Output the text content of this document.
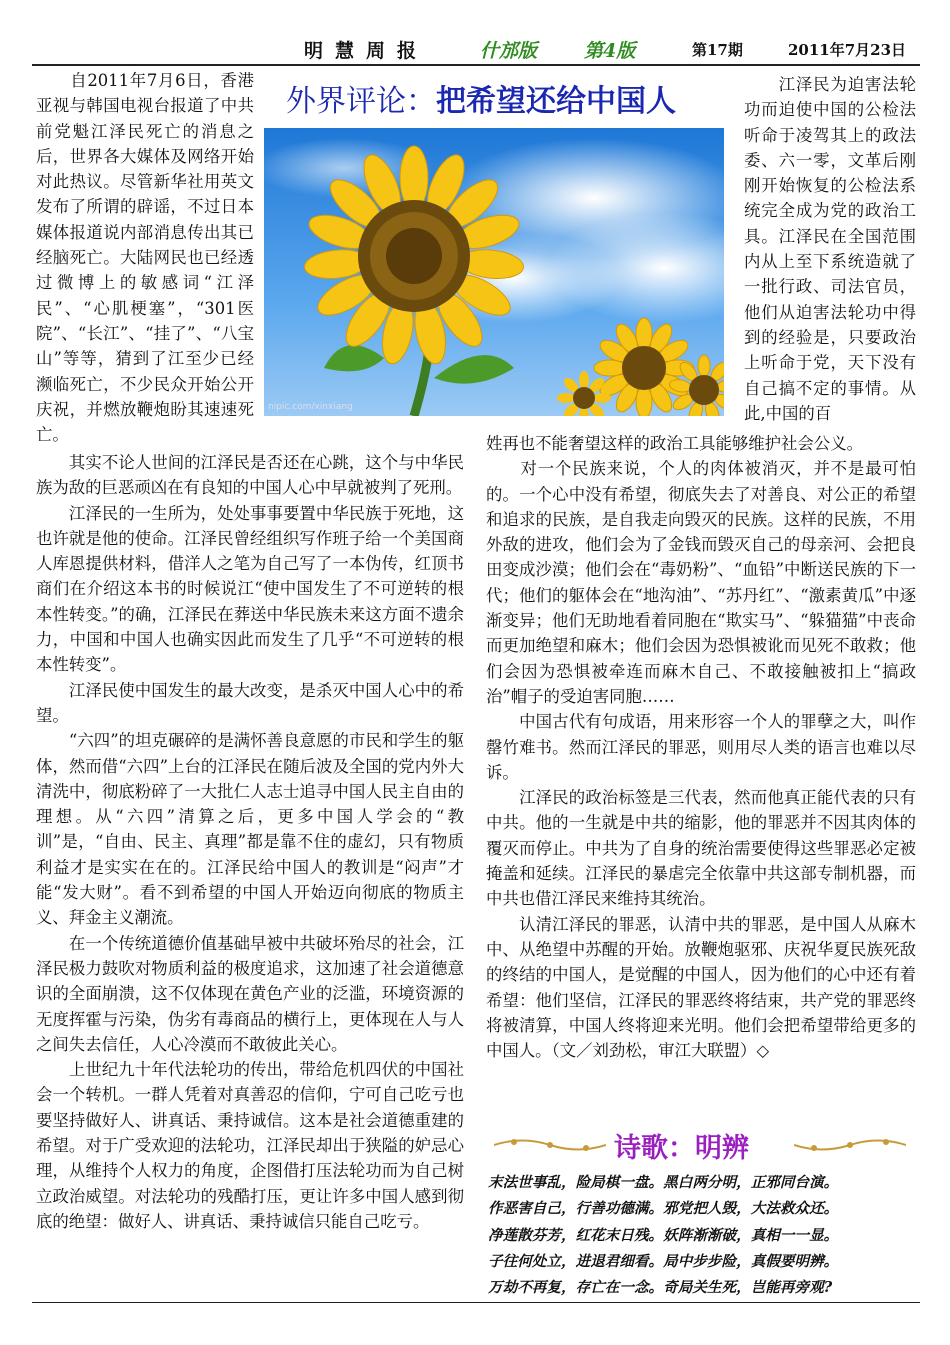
明慧周报	什邡版 第4版	第17期	2011年7月23日
外界评论：把希望还给中国人

　　自2011年7月6日，香港亚视与韩国电视台报道了中共前党魁江泽民死亡的消息之后，世界各大媒体及网络开始对此热议。尽管新华社用英文发布了所谓的辟谣，不过日本媒体报道说内部消息传出其已经脑死亡。大陆网民也已经透过微博上的敏感词“江泽民”、“心肌梗塞”，“301医院”、“长江”、“挂了”、“八宝山”等等，猜到了江至少已经濒临死亡，不少民众开始公开庆祝，并燃放鞭炮盼其速速死亡。

nipic.com/xinxiang

　　江泽民为迫害法轮功而迫使中国的公检法听命于凌驾其上的政法委、六一零，文革后刚刚开始恢复的公检法系统完全成为党的政治工具。江泽民在全国范围内从上至下系统造就了一批行政、司法官员，他们从迫害法轮功中得到的经验是，只要政治上听命于党，天下没有自己搞不定的事情。从此,中国的百

　　其实不论人世间的江泽民是否还在心跳，这个与中华民族为敌的巨恶顽凶在有良知的中国人心中早就被判了死刑。
　　江泽民的一生所为，处处事事要置中华民族于死地，这也许就是他的使命。江泽民曾经组织写作班子给一个美国商人库恩提供材料，借洋人之笔为自己写了一本伪传，红顶书商们在介绍这本书的时候说江“使中国发生了不可逆转的根本性转变。”的确，江泽民在葬送中华民族未来这方面不遗余力，中国和中国人也确实因此而发生了几乎“不可逆转的根本性转变”。
　　江泽民使中国发生的最大改变，是杀灭中国人心中的希望。
　　“六四”的坦克碾碎的是满怀善良意愿的市民和学生的躯体，然而借“六四”上台的江泽民在随后波及全国的党内外大清洗中，彻底粉碎了一大批仁人志士追寻中国人民主自由的理想。从“六四”清算之后，更多中国人学会的“教训”是，“自由、民主、真理”都是靠不住的虚幻，只有物质利益才是实实在在的。江泽民给中国人的教训是“闷声”才能“发大财”。看不到希望的中国人开始迈向彻底的物质主义、拜金主义潮流。
　　在一个传统道德价值基础早被中共破坏殆尽的社会，江泽民极力鼓吹对物质利益的极度追求，这加速了社会道德意识的全面崩溃，这不仅体现在黄色产业的泛滥，环境资源的无度挥霍与污染，伪劣有毒商品的横行上，更体现在人与人之间失去信任，人心冷漠而不敢彼此关心。
　　上世纪九十年代法轮功的传出，带给危机四伏的中国社会一个转机。一群人凭着对真善忍的信仰，宁可自己吃亏也要坚持做好人、讲真话、秉持诚信。这本是社会道德重建的希望。对于广受欢迎的法轮功，江泽民却出于狭隘的妒忌心理，从维持个人权力的角度，企图借打压法轮功而为自己树立政治威望。对法轮功的残酷打压，更让许多中国人感到彻底的绝望：做好人、讲真话、秉持诚信只能自己吃亏。

姓再也不能奢望这样的政治工具能够维护社会公义。
　　对一个民族来说，个人的肉体被消灭，并不是最可怕的。一个心中没有希望，彻底失去了对善良、对公正的希望和追求的民族，是自我走向毁灭的民族。这样的民族，不用外敌的进攻，他们会为了金钱而毁灭自己的母亲河、会把良田变成沙漠；他们会在“毒奶粉”、“血铅”中断送民族的下一代；他们的躯体会在“地沟油”、“苏丹红”、“激素黄瓜”中逐渐变异；他们无助地看着同胞在“欺实马”、“躲猫猫”中丧命而更加绝望和麻木；他们会因为恐惧被讹而见死不敢救；他们会因为恐惧被牵连而麻木自己、不敢接触被扣上“搞政治”帽子的受迫害同胞……
　　中国古代有句成语，用来形容一个人的罪孽之大，叫作罄竹难书。然而江泽民的罪恶，则用尽人类的语言也难以尽诉。
　　江泽民的政治标签是三代表，然而他真正能代表的只有中共。他的一生就是中共的缩影，他的罪恶并不因其肉体的覆灭而停止。中共为了自身的统治需要使得这些罪恶必定被掩盖和延续。江泽民的暴虐完全依靠中共这部专制机器，而中共也借江泽民来维持其统治。
　　认清江泽民的罪恶，认清中共的罪恶，是中国人从麻木中、从绝望中苏醒的开始。放鞭炮驱邪、庆祝华夏民族死敌的终结的中国人，是觉醒的中国人，因为他们的心中还有着希望：他们坚信，江泽民的罪恶终将结束，共产党的罪恶终将被清算，中国人终将迎来光明。他们会把希望带给更多的中国人。（文／刘劲松，审江大联盟）◇

诗歌：明辨
末法世事乱，险局棋一盘。黑白两分明，正邪同台演。
作恶害自己，行善功德满。邪党把人毁，大法救众还。
净莲散芬芳，红花末日残。妖阵渐渐破，真相一一显。
子往何处立，进退君细看。局中步步险，真假要明辨。
万劫不再复，存亡在一念。奇局关生死，岂能再旁观?
